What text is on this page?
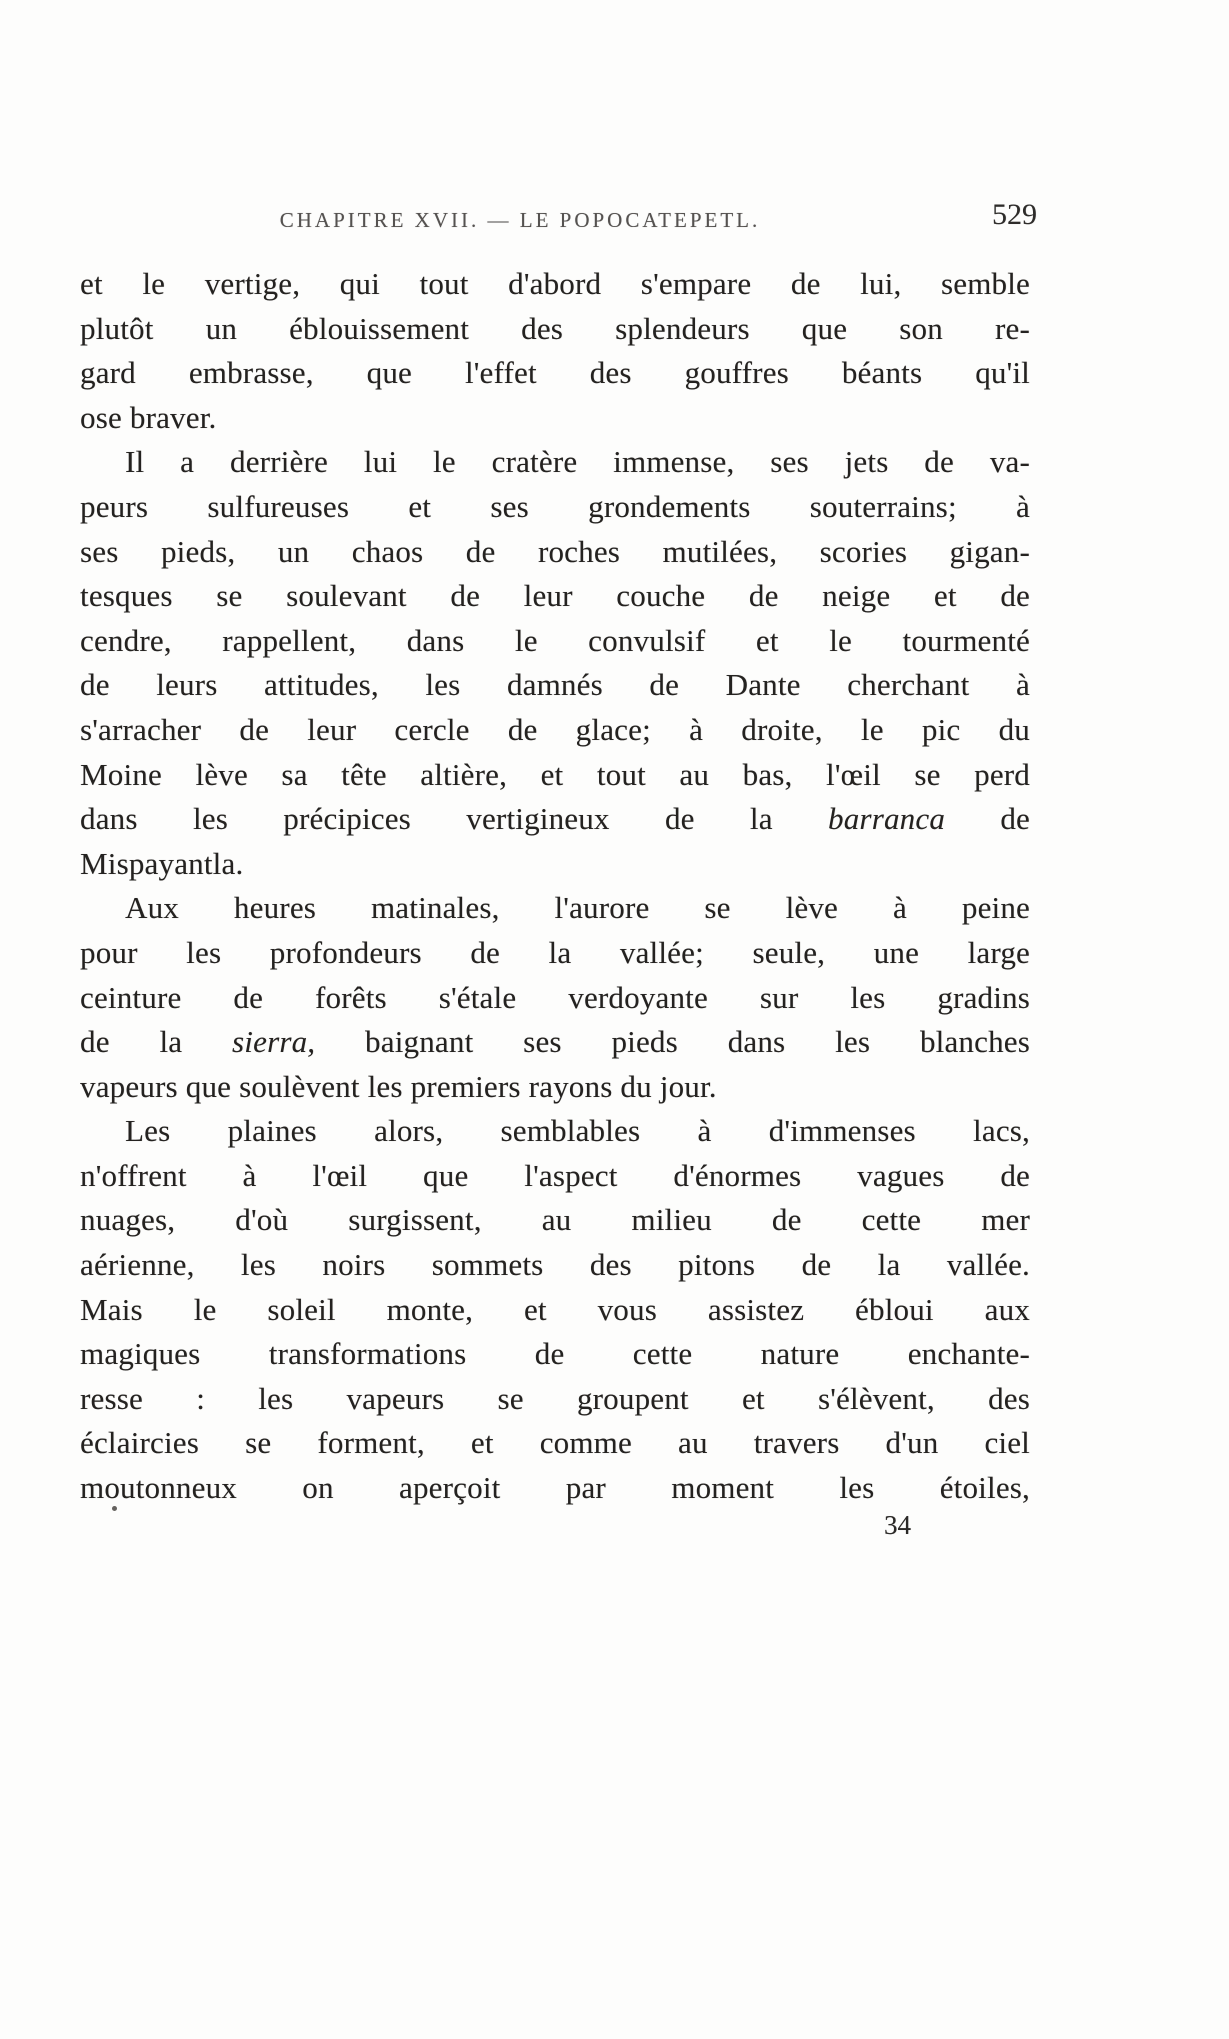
CHAPITRE XVII. — LE POPOCATEPETL.	529
et le vertige, qui tout d'abord s'empare de lui, semble
plutôt un éblouissement des splendeurs que son re-
gard embrasse, que l'effet des gouffres béants qu'il
ose braver.
Il a derrière lui le cratère immense, ses jets de va-
peurs sulfureuses et ses grondements souterrains; à
ses pieds, un chaos de roches mutilées, scories gigan-
tesques se soulevant de leur couche de neige et de
cendre, rappellent, dans le convulsif et le tourmenté
de leurs attitudes, les damnés de Dante cherchant à
s'arracher de leur cercle de glace; à droite, le pic du
Moine lève sa tête altière, et tout au bas, l'œil se perd
dans les précipices vertigineux de la barranca de
Mispayantla.
Aux heures matinales, l'aurore se lève à peine
pour les profondeurs de la vallée; seule, une large
ceinture de forêts s'étale verdoyante sur les gradins
de la sierra, baignant ses pieds dans les blanches
vapeurs que soulèvent les premiers rayons du jour.
Les plaines alors, semblables à d'immenses lacs,
n'offrent à l'œil que l'aspect d'énormes vagues de
nuages, d'où surgissent, au milieu de cette mer
aérienne, les noirs sommets des pitons de la vallée.
Mais le soleil monte, et vous assistez ébloui aux
magiques transformations de cette nature enchante-
resse : les vapeurs se groupent et s'élèvent, des
éclaircies se forment, et comme au travers d'un ciel
moutonneux on aperçoit par moment les étoiles,
34
